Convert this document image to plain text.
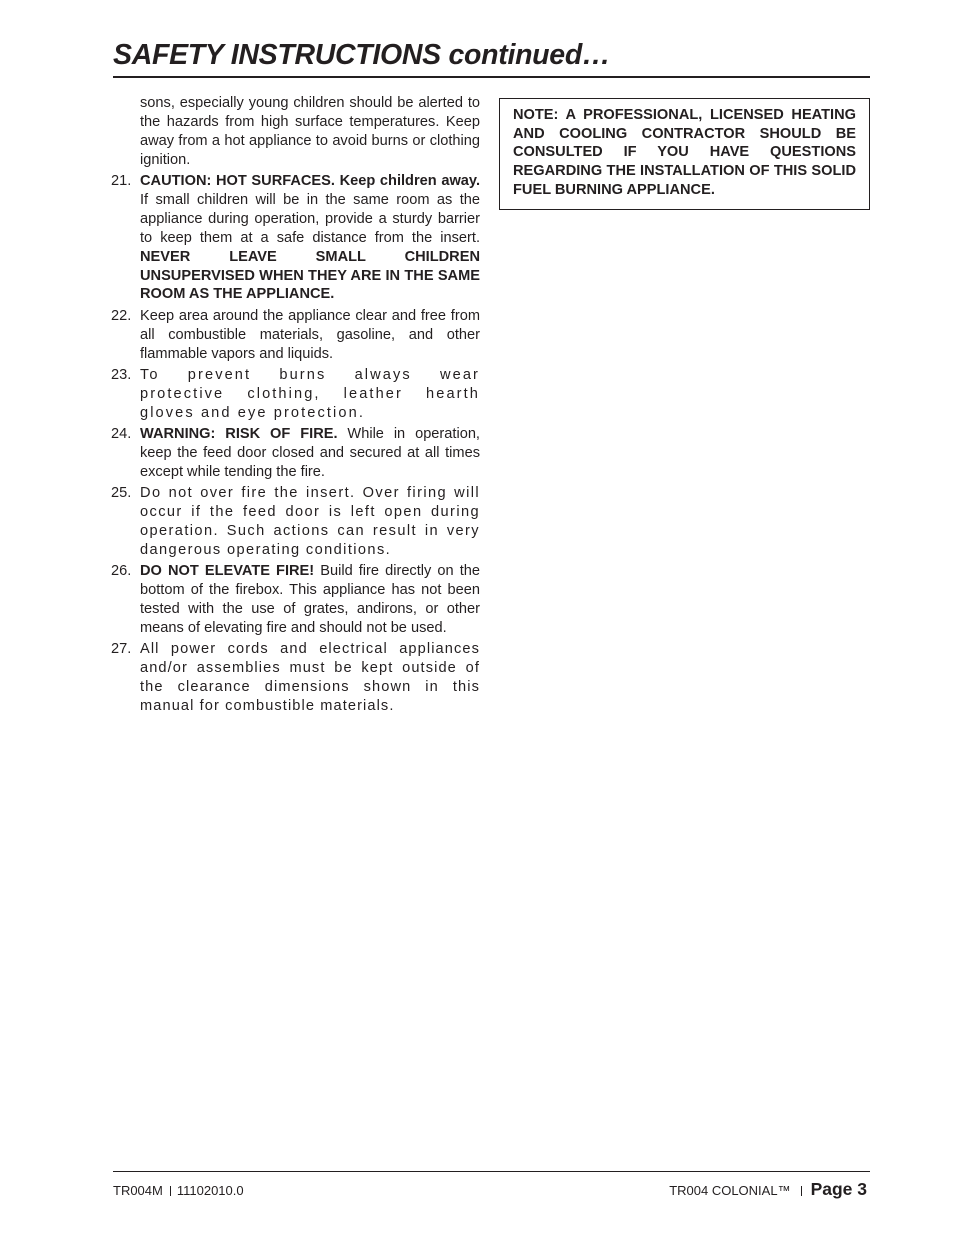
SAFETY INSTRUCTIONS continued…
sons, especially young children should be alerted to the hazards from high surface temperatures. Keep away from a hot appliance to avoid burns or clothing ignition.
21. CAUTION: HOT SURFACES. Keep children away. If small children will be in the same room as the appliance during operation, provide a sturdy barrier to keep them at a safe distance from the insert. NEVER LEAVE SMALL CHILDREN UNSUPERVISED WHEN THEY ARE IN THE SAME ROOM AS THE APPLIANCE.
22. Keep area around the appliance clear and free from all combustible materials, gasoline, and other flammable vapors and liquids.
23. To prevent burns always wear protective clothing, leather hearth gloves and eye protection.
24. WARNING: RISK OF FIRE. While in operation, keep the feed door closed and secured at all times except while tending the fire.
25. Do not over fire the insert. Over firing will occur if the feed door is left open during operation. Such actions can result in very dangerous operating conditions.
26. DO NOT ELEVATE FIRE! Build fire directly on the bottom of the firebox. This appliance has not been tested with the use of grates, andirons, or other means of elevating fire and should not be used.
27. All power cords and electrical appliances and/or assemblies must be kept outside of the clearance dimensions shown in this manual for combustible materials.
NOTE: A PROFESSIONAL, LICENSED HEATING AND COOLING CONTRACTOR SHOULD BE CONSULTED IF YOU HAVE QUESTIONS REGARDING THE INSTALLATION OF THIS SOLID FUEL BURNING APPLIANCE.
TR004M 11102010.0	TR004 COLONIAL™ Page 3
